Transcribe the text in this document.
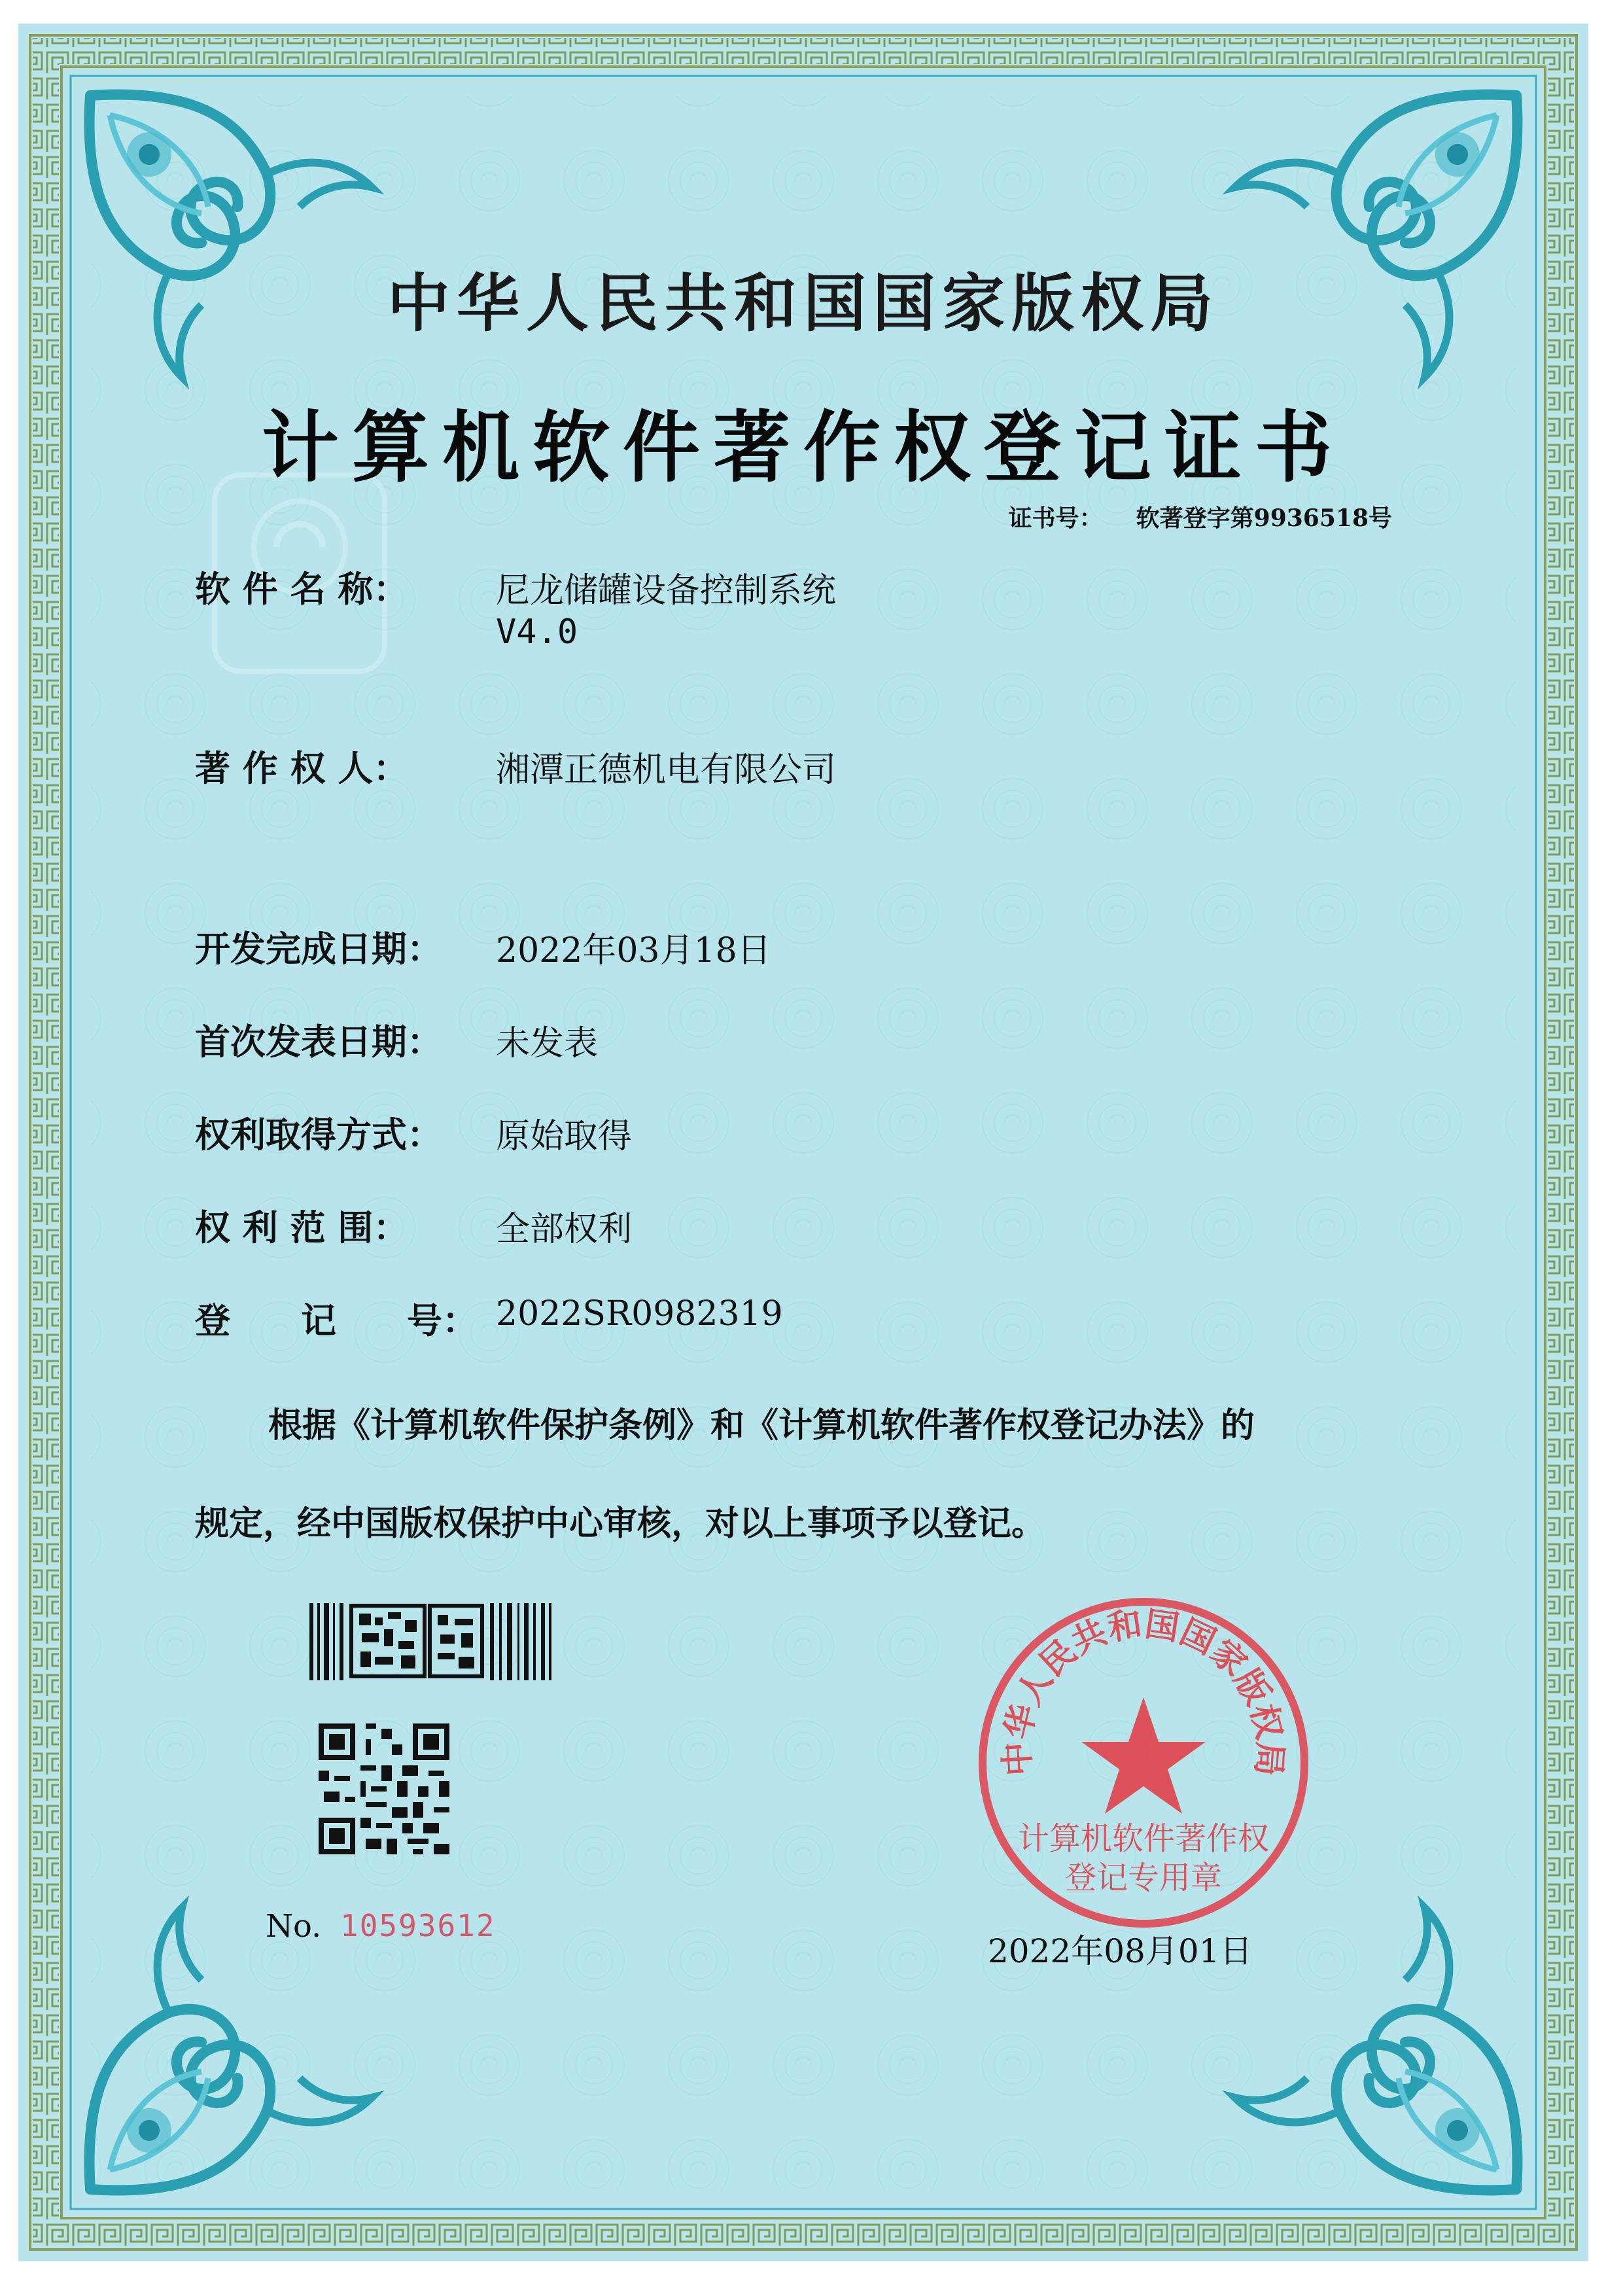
中华人民共和国国家版权局
计算机软件著作权登记证书
证书号： 软著登字第9936518号
软 件 名 称：	尼龙储罐设备控制系统
V4.0
著 作 权 人：	湘潭正德机电有限公司
开发完成日期： 2022年03月18日
首次发表日期： 未发表
权利取得方式： 原始取得
权 利 范 围：	全部权利
登　　记　　号： 2022SR0982319
根据《计算机软件保护条例》和《计算机软件著作权登记办法》的
规定，经中国版权保护中心审核，对以上事项予以登记。
No. 10593612
中华人民共和国国家版权局
计算机软件著作权
登记专用章
2022年08月01日
